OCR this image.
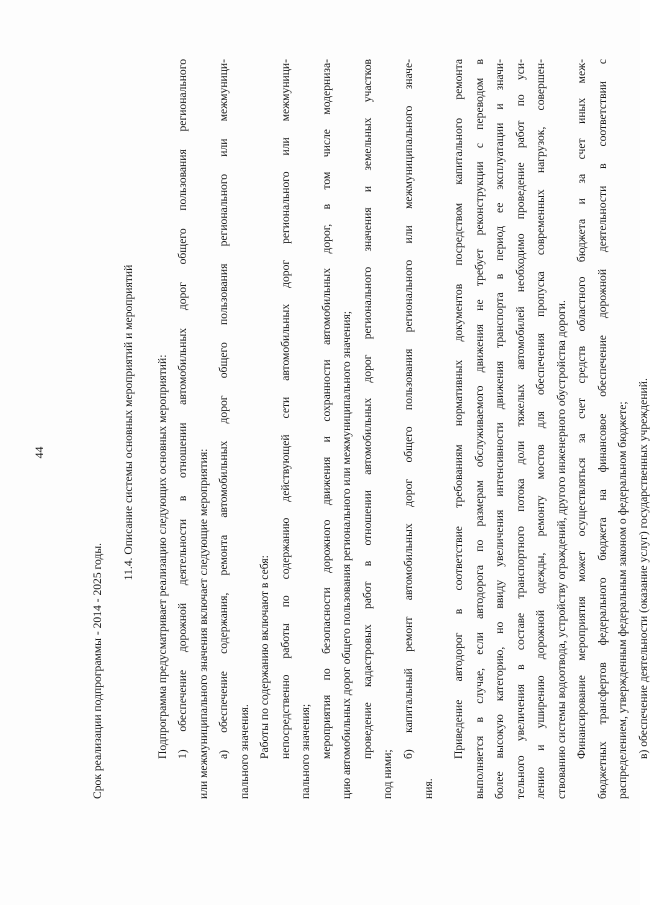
44
Срок реализации подпрограммы - 2014 - 2025 годы.
11.4. Описание системы основных мероприятий и мероприятий	Подпрограмма предусматривает реализацию следующих основных мероприятий: 1) обеспечение дорожной деятельности в отношении автомобильных дорог общего пользования регионального или межмуниципального значения включает следующие мероприятия: а) обеспечение содержания, ремонта автомобильных дорог общего пользования регионального или межмуници- пального значения. Работы по содержанию включают в себя: непосредственно работы по содержанию действующей сети автомобильных дорог регионального или межмуници- пального значения; мероприятия по безопасности дорожного движения и сохранности автомобильных дорог, в том числе модерниза- цию автомобильных дорог общего пользования регионального или межмуниципального значения; проведение кадастровых работ в отношении автомобильных дорог регионального значения и земельных участков
под ними;
б) капитальный ремонт автомобильных дорог общего пользования регионального или межмуниципального значе-
ния.
Приведение автодорог в соответствие требованиям нормативных документов посредством капитального ремонта выполняется в случае, если автодорога по размерам обслуживаемого движения не требует реконструкции с переводом в более высокую категорию, но ввиду увеличения интенсивности движения транспорта в период ее эксплуатации и значи- тельного увеличения в составе транспортного потока доли тяжелых автомобилей необходимо проведение работ по уси- лению и уширению дорожной одежды, ремонту мостов для обеспечения пропуска современных нагрузок, совершен- ствованию системы водоотвода, устройству ограждений, другого инженерного обустройства дороги. Финансирование мероприятия может осуществляться за счет средств областного бюджета и за счет иных меж- бюджетных трансфертов федерального бюджета на финансовое обеспечение дорожной деятельности в соответствии с распределением, утвержденным федеральным законом о федеральном бюджете; в) обеспечение деятельности (оказание услуг) государственных учреждений.
